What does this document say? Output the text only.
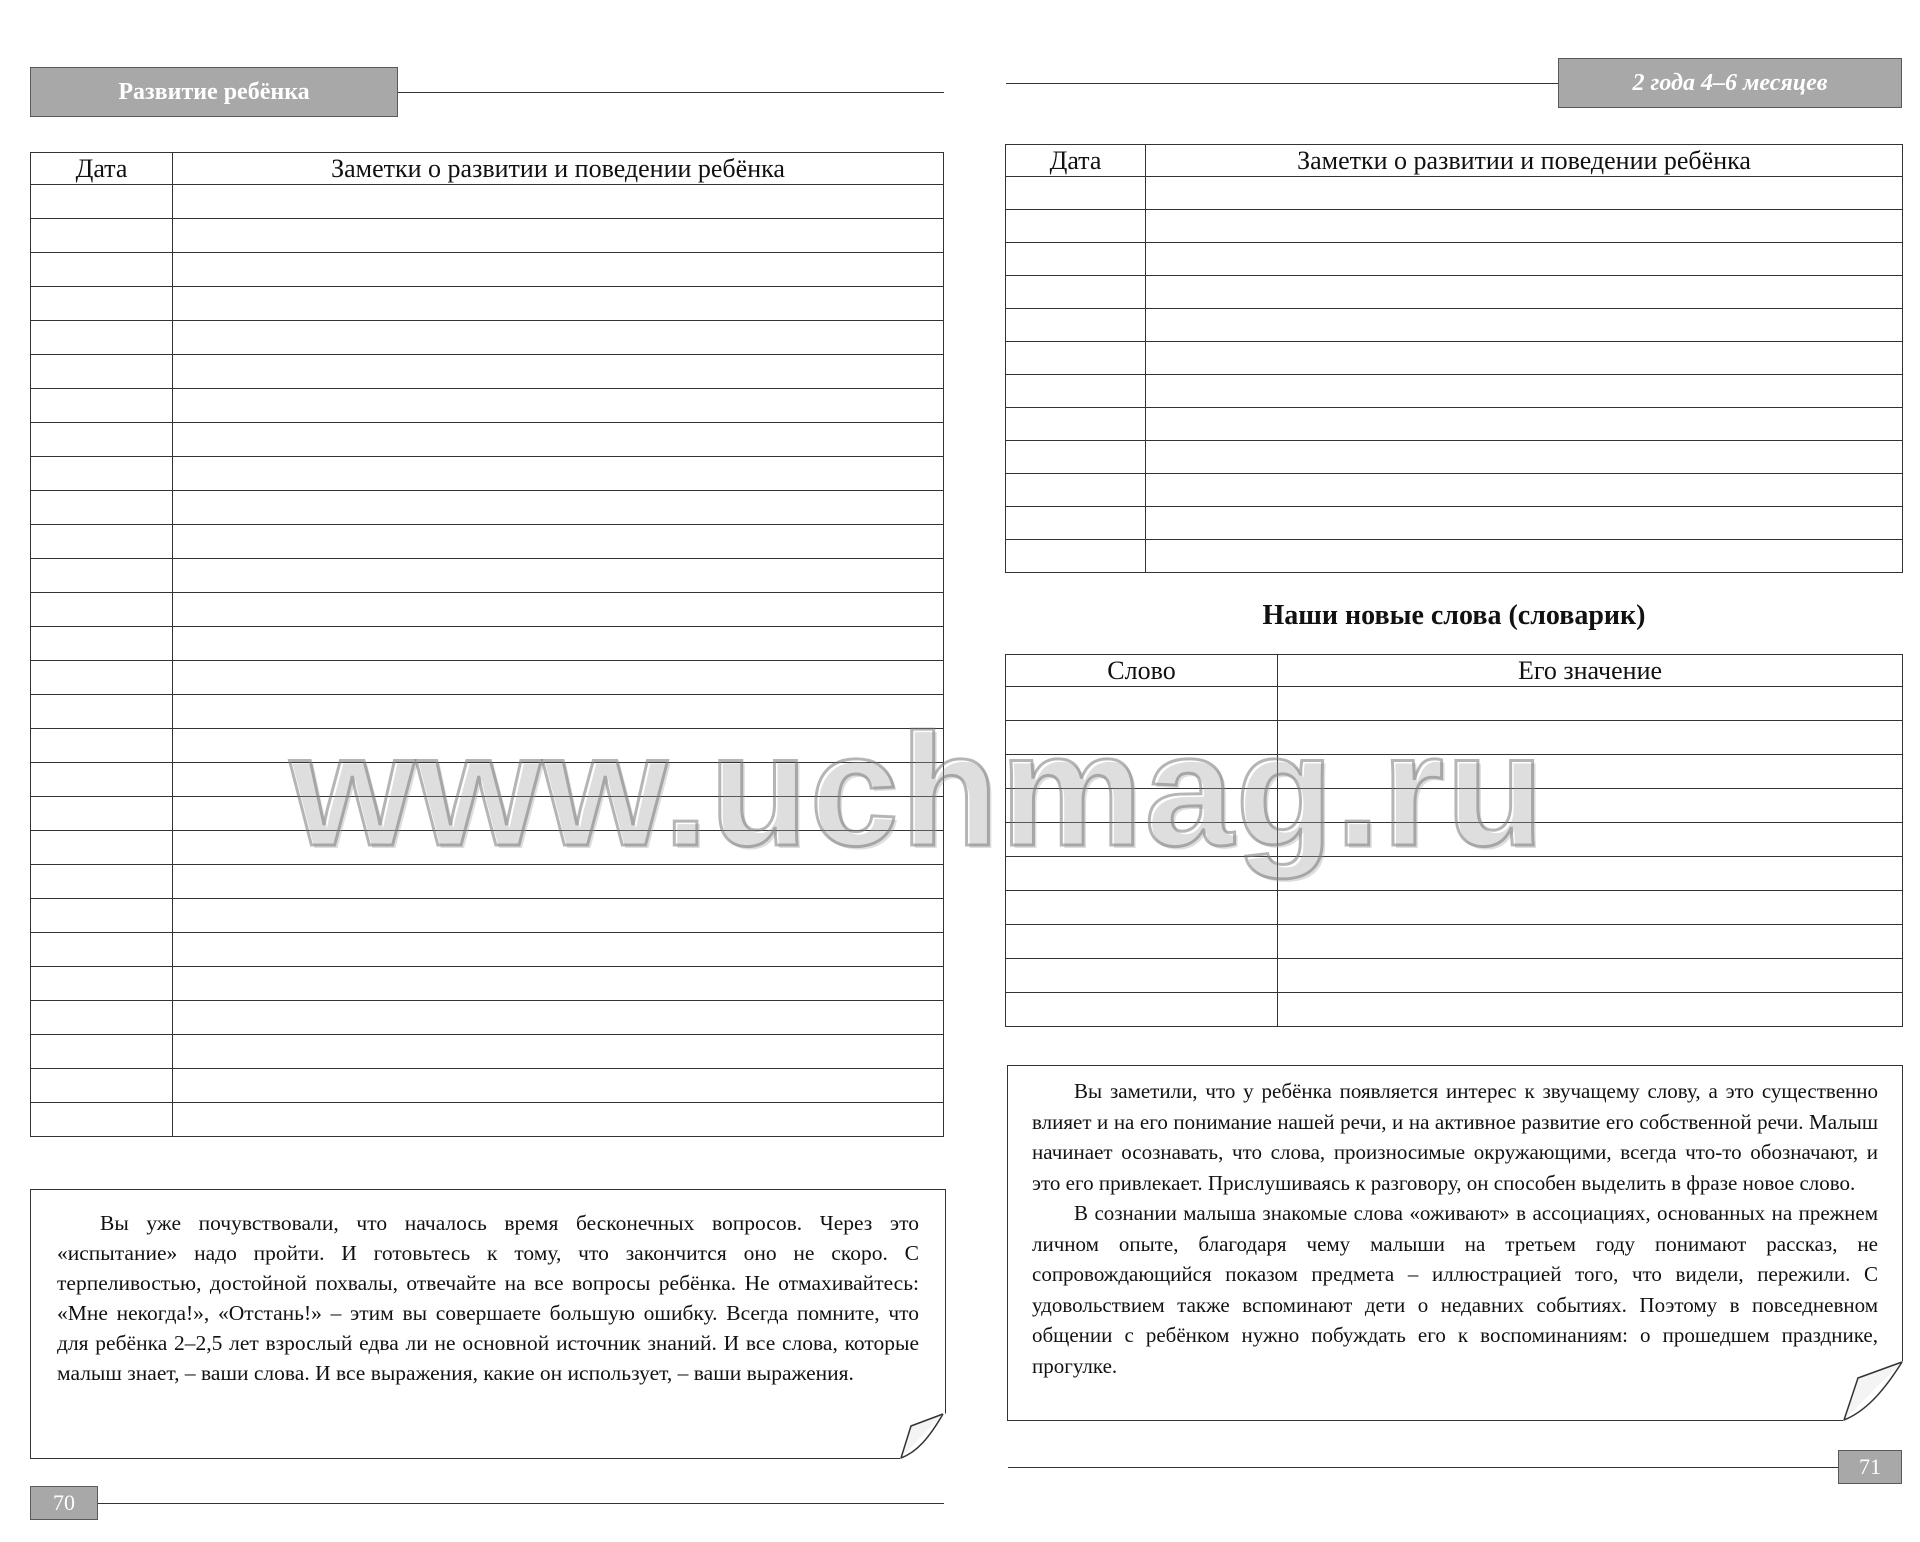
Развитие ребёнка
Дата	Заметки о развитии и поведении ребёнка

Вы уже почувствовали, что началось время бесконечных вопросов. Через это «испытание» надо пройти. И готовьтесь к тому, что закончится оно не скоро. С терпеливостью, достойной похвалы, отвечайте на все вопросы ребёнка. Не отмахивайтесь: «Мне некогда!», «Отстань!» – этим вы совершаете большую ошибку. Всегда помните, что для ребёнка 2–2,5 лет взрослый едва ли не основной источник знаний. И все слова, которые малыш знает, – ваши слова. И все выражения, какие он использует, – ваши выражения.

70
2 года 4–6 месяцев
Дата	Заметки о развитии и поведении ребёнка

Наши новые слова (словарик)
Слово	Его значение

Вы заметили, что у ребёнка появляется интерес к звучащему слову, а это существенно влияет и на его понимание нашей речи, и на активное развитие его собственной речи. Малыш начинает осознавать, что слова, произносимые окружающими, всегда что-то обозначают, и это его привлекает. Прислушиваясь к разговору, он способен выделить в фразе новое слово.

В сознании малыша знакомые слова «оживают» в ассоциациях, основанных на прежнем личном опыте, благодаря чему малыши на третьем году понимают рассказ, не сопровождающийся показом предмета – иллюстрацией того, что видели, пережили. С удовольствием также вспоминают дети о недавних событиях. Поэтому в повседневном общении с ребёнком нужно побуждать его к воспоминаниям: о прошедшем празднике, прогулке.

71
www.uchmag.ru
